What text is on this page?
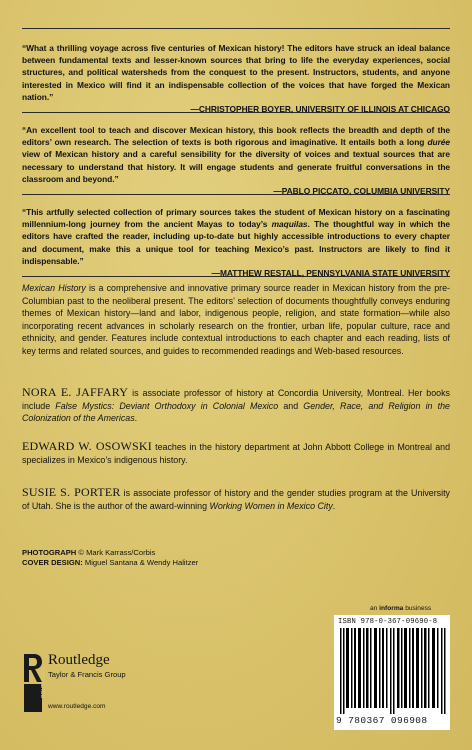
“What a thrilling voyage across five centuries of Mexican history! The editors have struck an ideal balance between fundamental texts and lesser-known sources that bring to life the everyday experiences, social structures, and political watersheds from the conquest to the present. Instructors, students, and anyone interested in Mexico will find it an indispensable collection of the voices that have forged the Mexican nation.”
—CHRISTOPHER BOYER, UNIVERSITY OF ILLINOIS AT CHICAGO

“An excellent tool to teach and discover Mexican history, this book reflects the breadth and depth of the editors’ own research. The selection of texts is both rigorous and imaginative. It entails both a long durée view of Mexican history and a careful sensibility for the diversity of voices and textual sources that are necessary to understand that history. It will engage students and generate fruitful conversations in the classroom and beyond.”
—PABLO PICCATO, COLUMBIA UNIVERSITY

“This artfully selected collection of primary sources takes the student of Mexican history on a fascinating millennium-long journey from the ancient Mayas to today’s maquilas. The thoughtful way in which the editors have crafted the reader, including up-to-date but highly accessible introductions to every chapter and document, make this a unique tool for teaching Mexico’s past. Instructors are likely to find it indispensable.”
—MATTHEW RESTALL, PENNSYLVANIA STATE UNIVERSITY

Mexican History is a comprehensive and innovative primary source reader in Mexican history from the pre-Columbian past to the neoliberal present. The editors’ selection of documents thoughtfully conveys enduring themes of Mexican history—land and labor, indigenous people, religion, and state formation—while also incorporating recent advances in scholarly research on the frontier, urban life, popular culture, race and ethnicity, and gender. Features include contextual introductions to each chapter and each reading, lists of key terms and related sources, and guides to recommended readings and Web-based resources.

NORA E. JAFFARY is associate professor of history at Concordia University, Montreal. Her books include False Mystics: Deviant Orthodoxy in Colonial Mexico and Gender, Race, and Religion in the Colonization of the Americas.

EDWARD W. OSOWSKI teaches in the history department at John Abbott College in Montreal and specializes in Mexico’s indigenous history.

SUSIE S. PORTER is associate professor of history and the gender studies program at the University of Utah. She is the author of the award-winning Working Women in Mexico City.

PHOTOGRAPH © Mark Karrass/Corbis
COVER DESIGN: Miguel Santana & Wendy Halitzer
an informa business
ISBN 978-0-367-09690-8
9 780367 096908
ROUTLEDGE
Routledge
Taylor & Francis Group
www.routledge.com
